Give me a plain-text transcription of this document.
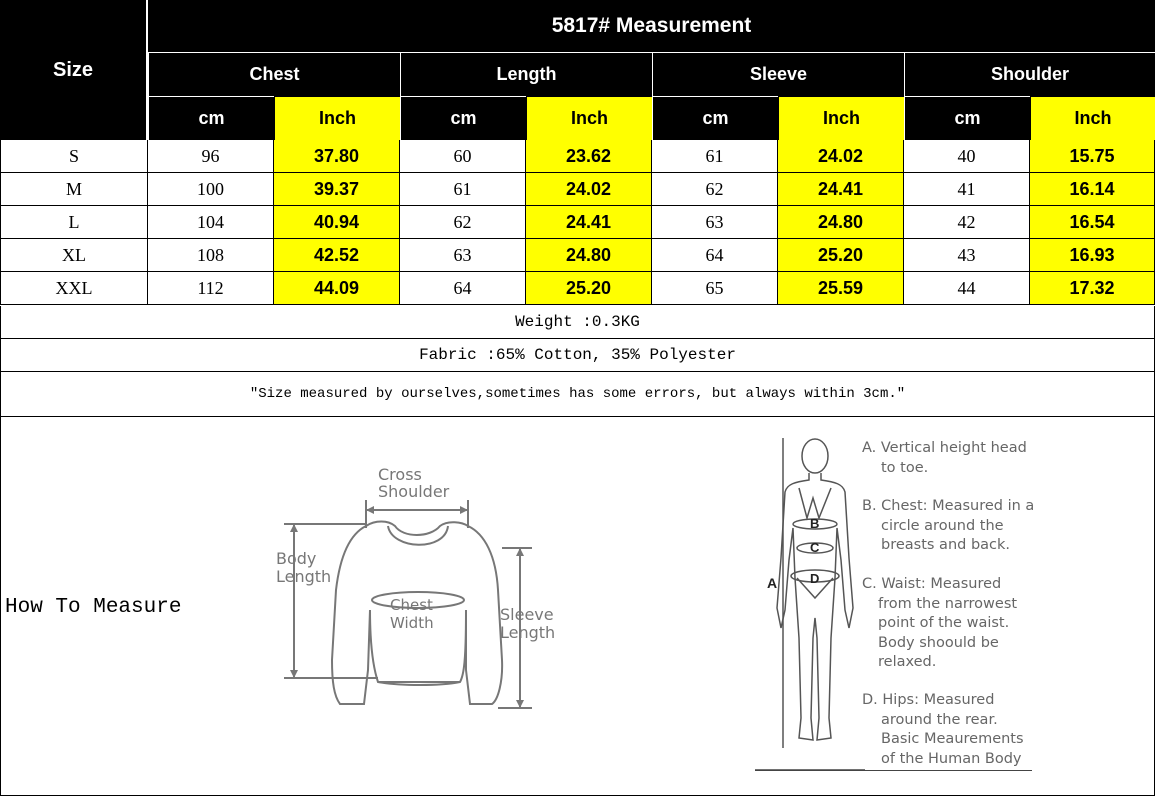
Size
5817# Measurement
Chest	Length	Sleeve	Shoulder
cm	Inch	cm	Inch	cm	Inch	cm	Inch
S	96	37.80	60	23.62	61	24.02	40	15.75
M	100	39.37	61	24.02	62	24.41	41	16.14
L	104	40.94	62	24.41	63	24.80	42	16.54
XL	108	42.52	63	24.80	64	25.20	43	16.93
XXL	112	44.09	64	25.20	65	25.59	44	17.32
Weight :0.3KG
Fabric :65% Cotton, 35% Polyester
"Size measured by ourselves,sometimes has some errors, but always within 3cm."
How To Measure
Cross
Shoulder
Body
Length
Chest
Width	Sleeve
Length
A
B
C
D
A. Vertical height head
to toe.
B. Chest: Measured in a
circle around the
breasts and back.
C. Waist: Measured
from the narrowest
point of the waist.
Body shoould be
relaxed.
D. Hips: Measured
around the rear.
Basic Meaurements
of the Human Body
